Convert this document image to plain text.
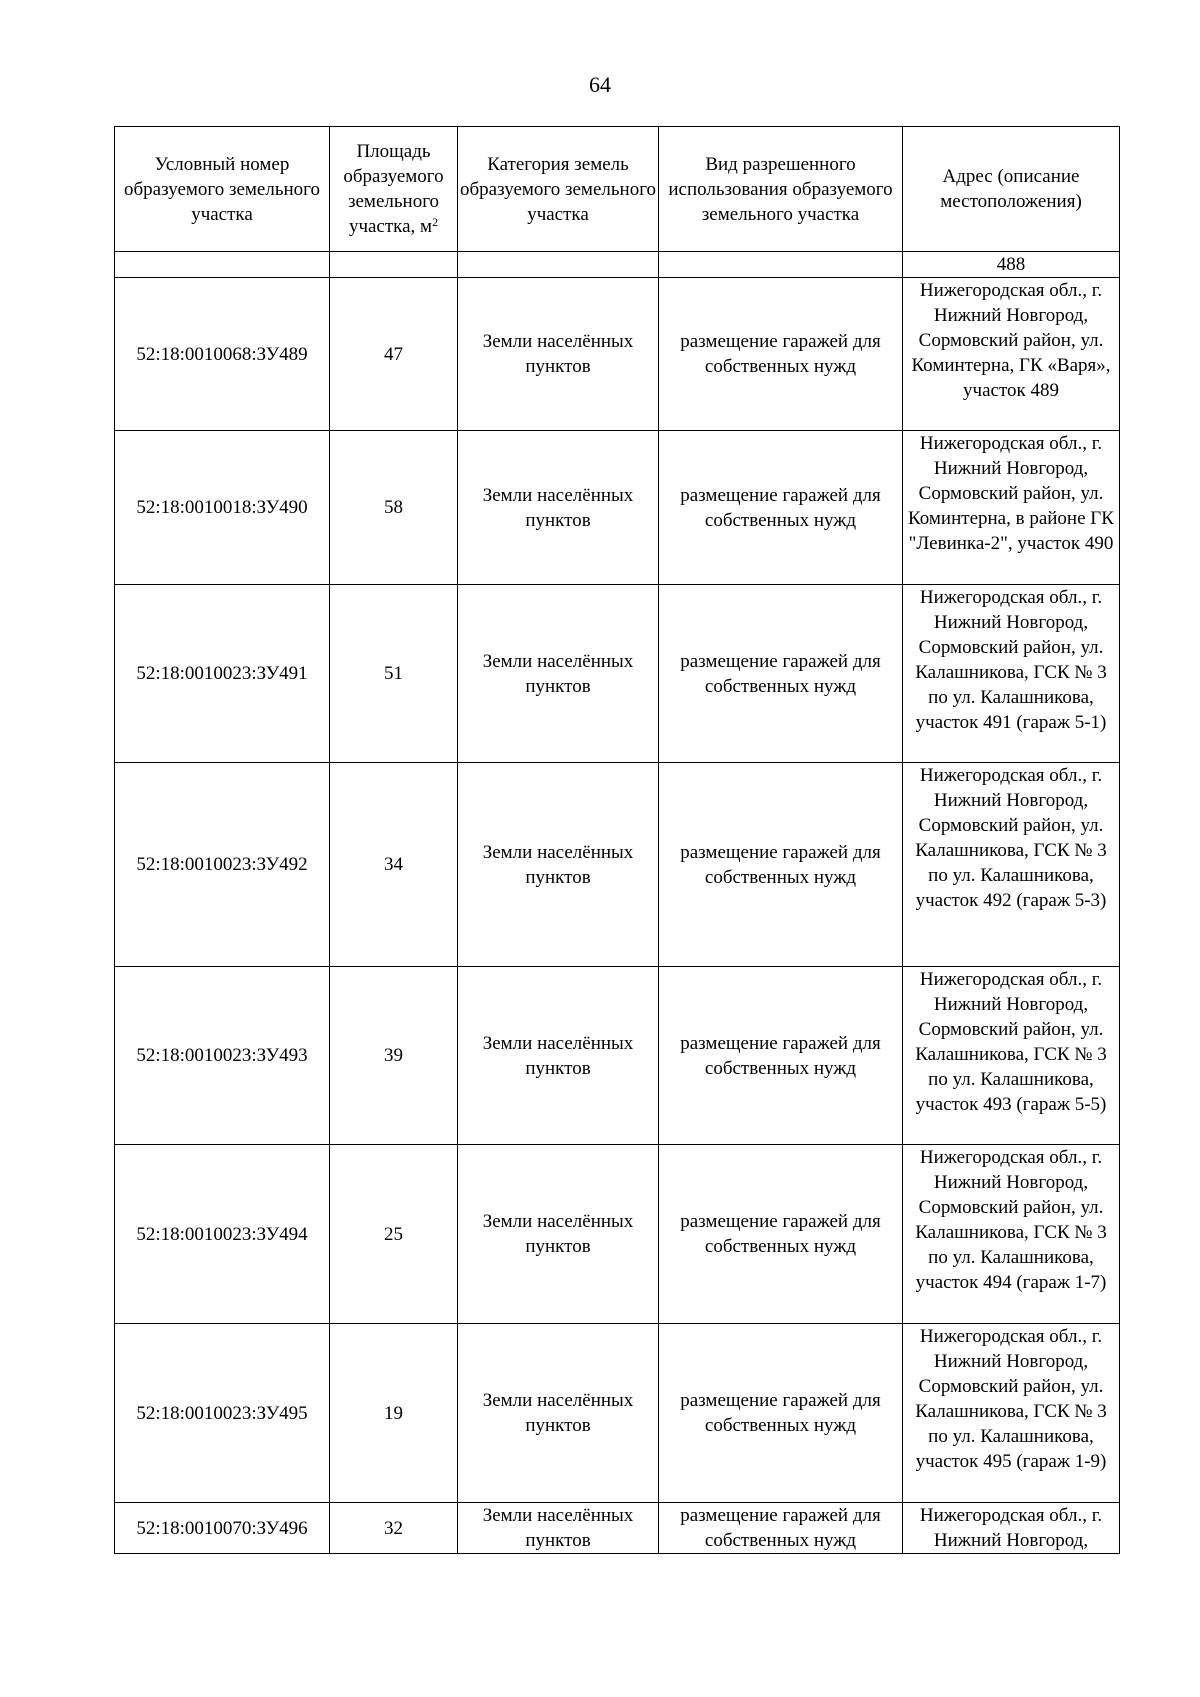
64
Условный номер образуемого земельного участка	Площадь образуемого земельного участка, $м^2$	Категория земель образуемого земельного участка	Вид разрешенного использования образуемого земельного участка	Адрес (описание местоположения)
				488
52:18:0010068:ЗУ489	47	Земли населённых пунктов	размещение гаражей для собственных нужд	Нижегородская обл., г. Нижний Новгород, Сормовский район, ул. Коминтерна, ГК «Варя», участок 489
52:18:0010018:ЗУ490	58	Земли населённых пунктов	размещение гаражей для собственных нужд	Нижегородская обл., г. Нижний Новгород, Сормовский район, ул. Коминтерна, в районе ГК "Левинка-2", участок 490
52:18:0010023:ЗУ491	51	Земли населённых пунктов	размещение гаражей для собственных нужд	Нижегородская обл., г. Нижний Новгород, Сормовский район, ул. Калашникова, ГСК № 3 по ул. Калашникова, участок 491 (гараж 5-1)
52:18:0010023:ЗУ492	34	Земли населённых пунктов	размещение гаражей для собственных нужд	Нижегородская обл., г. Нижний Новгород, Сормовский район, ул. Калашникова, ГСК № 3 по ул. Калашникова, участок 492 (гараж 5-3)
52:18:0010023:ЗУ493	39	Земли населённых пунктов	размещение гаражей для собственных нужд	Нижегородская обл., г. Нижний Новгород, Сормовский район, ул. Калашникова, ГСК № 3 по ул. Калашникова, участок 493 (гараж 5-5)
52:18:0010023:ЗУ494	25	Земли населённых пунктов	размещение гаражей для собственных нужд	Нижегородская обл., г. Нижний Новгород, Сормовский район, ул. Калашникова, ГСК № 3 по ул. Калашникова, участок 494 (гараж 1-7)
52:18:0010023:ЗУ495	19	Земли населённых пунктов	размещение гаражей для собственных нужд	Нижегородская обл., г. Нижний Новгород, Сормовский район, ул. Калашникова, ГСК № 3 по ул. Калашникова, участок 495 (гараж 1-9)
52:18:0010070:ЗУ496	32	Земли населённых пунктов	размещение гаражей для собственных нужд	Нижегородская обл., г. Нижний Новгород,
